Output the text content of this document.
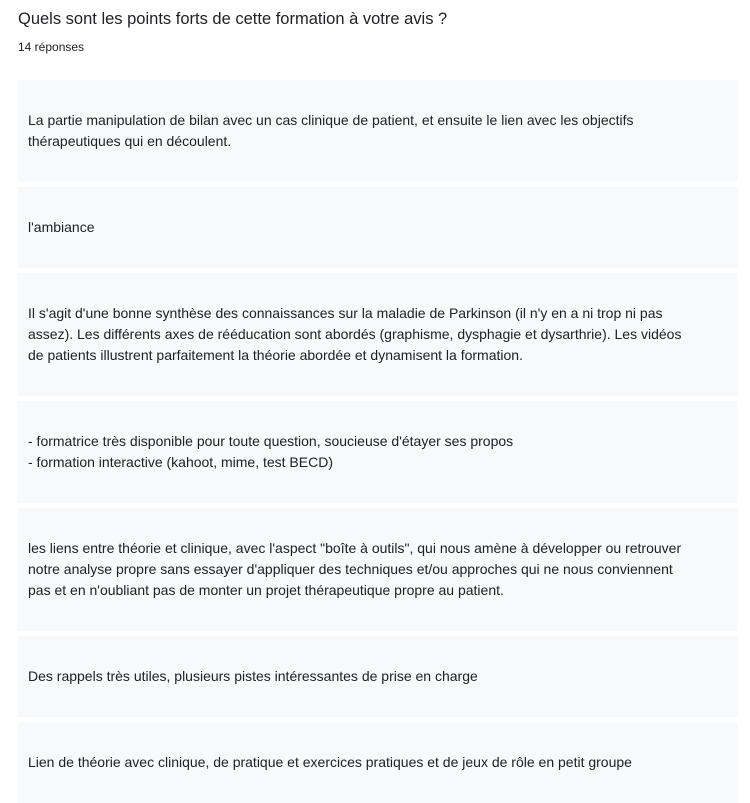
Quels sont les points forts de cette formation à votre avis ?
14 réponses

La partie manipulation de bilan avec un cas clinique de patient, et ensuite le lien avec les objectifs
thérapeutiques qui en découlent.

l'ambiance

Il s'agit d'une bonne synthèse des connaissances sur la maladie de Parkinson (il n'y en a ni trop ni pas
assez). Les différents axes de rééducation sont abordés (graphisme, dysphagie et dysarthrie). Les vidéos
de patients illustrent parfaitement la théorie abordée et dynamisent la formation.

- formatrice très disponible pour toute question, soucieuse d'étayer ses propos
- formation interactive (kahoot, mime, test BECD)

les liens entre théorie et clinique, avec l'aspect "boîte à outils", qui nous amène à développer ou retrouver
notre analyse propre sans essayer d'appliquer des techniques et/ou approches qui ne nous conviennent
pas et en n'oubliant pas de monter un projet thérapeutique propre au patient.

Des rappels très utiles, plusieurs pistes intéressantes de prise en charge

Lien de théorie avec clinique, de pratique et exercices pratiques et de jeux de rôle en petit groupe
